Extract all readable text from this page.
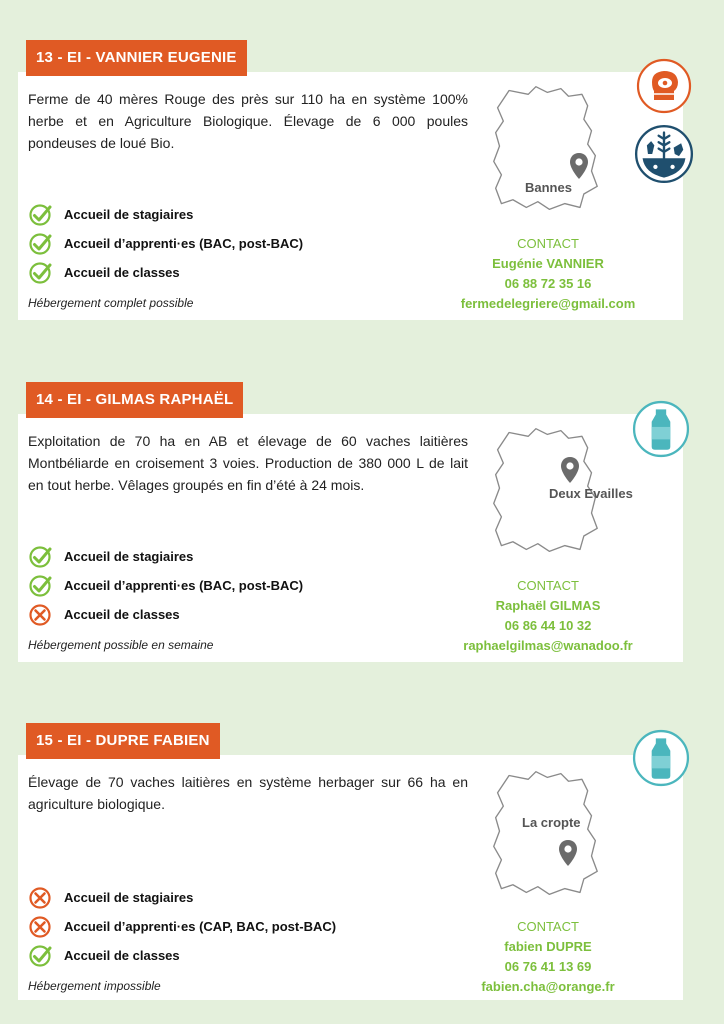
13 - EI - VANNIER EUGENIE

Ferme de 40 mères Rouge des près sur 110 ha en système 100% herbe et en Agriculture Biologique. Élevage de 6 000 poules pondeuses de loué Bio.

Accueil de stagiaires
Accueil d’apprenti·es (BAC, post-BAC)
Accueil de classes
Hébergement complet possible
Bannes
CONTACT
Eugénie VANNIER
06 88 72 35 16
fermedelegriere@gmail.com
14 - EI - GILMAS RAPHAËL

Exploitation de 70 ha en AB et élevage de 60 vaches laitières Montbéliarde en croisement 3 voies. Production de 380 000 L de lait en tout herbe. Vêlages groupés en fin d’été à 24 mois.

Accueil de stagiaires
Accueil d’apprenti·es (BAC, post-BAC)
Accueil de classes
Hébergement possible en semaine
Deux Evailles
CONTACT
Raphaël GILMAS
06 86 44 10 32
raphaelgilmas@wanadoo.fr
15 - EI - DUPRE FABIEN

Élevage de 70 vaches laitières en système herbager sur 66 ha en agriculture biologique.

Accueil de stagiaires
Accueil d’apprenti·es (CAP, BAC, post-BAC)
Accueil de classes
Hébergement impossible
La cropte
CONTACT
fabien DUPRE
06 76 41 13 69
fabien.cha@orange.fr
